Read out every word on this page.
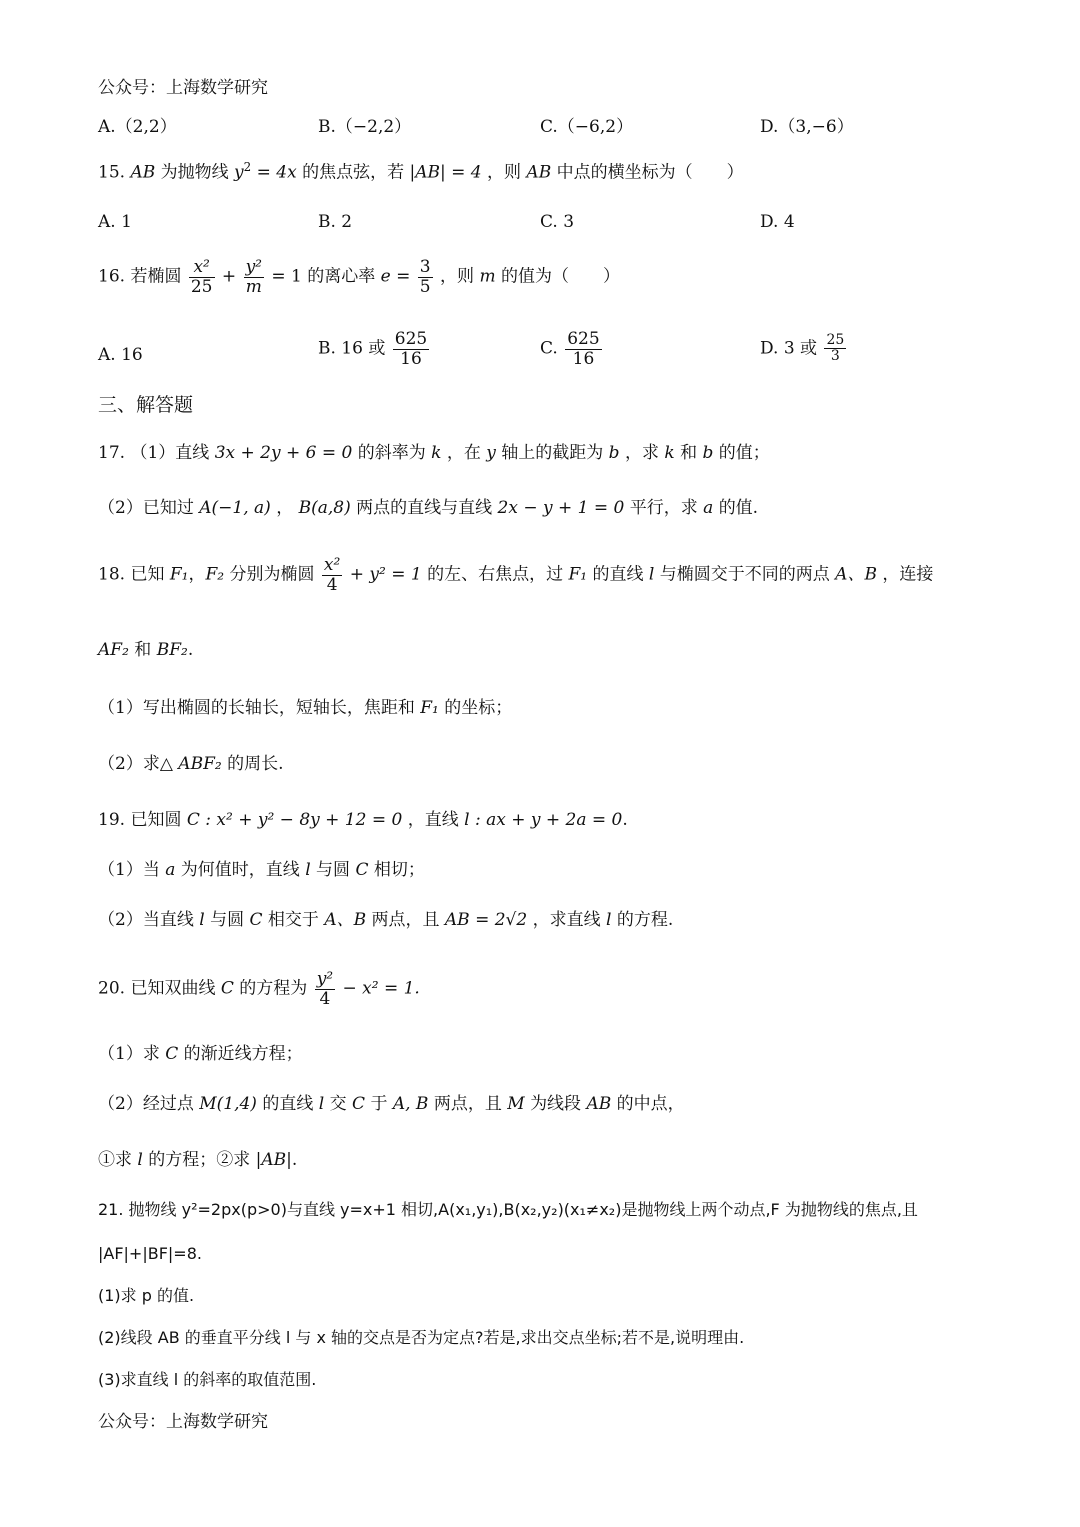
公众号：上海数学研究
A.（2,2）	B.（−2,2）	C.（−6,2）	D.（3,−6）
15. AB 为抛物线 $y^2 = 4x$ 的焦点弦，若 |AB| = 4 ，则 AB 中点的横坐标为（　　）
A. 1	B. 2	C. 3	D. 4
16. 若椭圆 $\frac{\text{x²}}{25} + \frac{\text{y²}}{m} = 1$ 的离心率 $e = \frac{3}{5}$ ，则 m 的值为（　　）
A. 16	B. 16 或 $\frac{625}{16}$	C. $\frac{625}{16}$	D. 3 或 $\frac{25}{3}$
三、解答题
17. （1）直线 3x + 2y + 6 = 0 的斜率为 k ，在 y 轴上的截距为 b ，求 k 和 b 的值；
（2）已知过 A(−1, a) ， B(a,8) 两点的直线与直线 2x − y + 1 = 0 平行，求 a 的值.
18. 已知 F₁，F₂ 分别为椭圆 $\frac{\text{x²}}{4} + y^2 = 1$ 的左、右焦点，过 F₁ 的直线 l 与椭圆交于不同的两点 A、B ，连接
AF₂ 和 BF₂.
（1）写出椭圆的长轴长，短轴长，焦距和 F₁ 的坐标；
（2）求△ ABF₂ 的周长.
19. 已知圆 C : x² + y² − 8y + 12 = 0 ，直线 l : ax + y + 2a = 0.
（1）当 a 为何值时，直线 l 与圆 C 相切；
（2）当直线 l 与圆 C 相交于 A、B 两点，且 AB = 2√2 ，求直线 l 的方程.
20. 已知双曲线 C 的方程为 $\frac{\text{y²}}{4} - x^2 = 1$.
（1）求 C 的渐近线方程；
（2）经过点 M(1,4) 的直线 l 交 C 于 A, B 两点，且 M 为线段 AB 的中点，
①求 l 的方程；②求 |AB|.
21. 抛物线 y²=2px(p>0)与直线 y=x+1 相切,A(x₁,y₁),B(x₂,y₂)(x₁≠x₂)是抛物线上两个动点,F 为抛物线的焦点,且
|AF|+|BF|=8.
(1)求 p 的值.
(2)线段 AB 的垂直平分线 l 与 x 轴的交点是否为定点?若是,求出交点坐标;若不是,说明理由.
(3)求直线 l 的斜率的取值范围.
公众号：上海数学研究
